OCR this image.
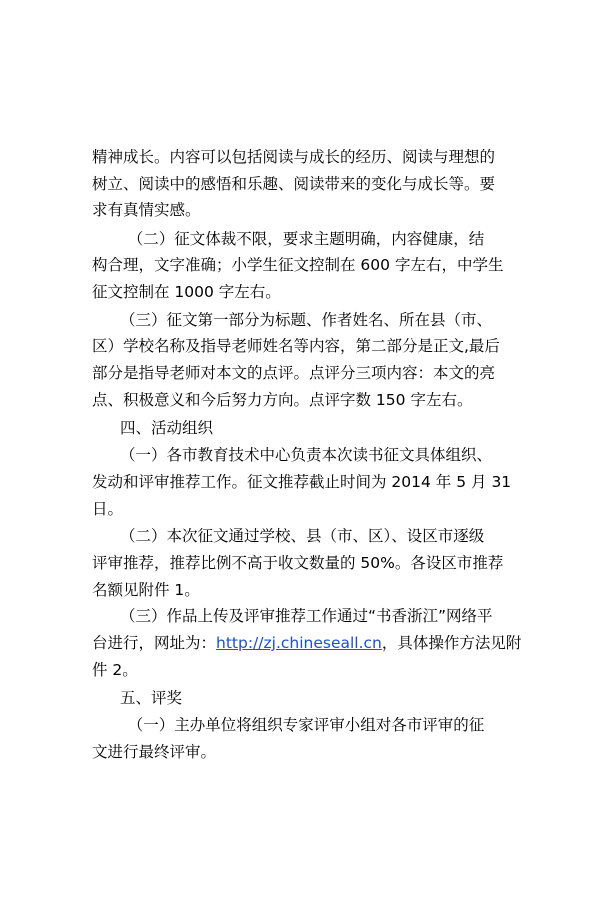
精神成长。内容可以包括阅读与成长的经历、阅读与理想的
树立、阅读中的感悟和乐趣、阅读带来的变化与成长等。要
求有真情实感。
　（二）征文体裁不限，要求主题明确，内容健康，结
构合理，文字准确；小学生征文控制在 600 字左右，中学生
征文控制在 1000 字左右。
（三）征文第一部分为标题、作者姓名、所在县（市、
区）学校名称及指导老师姓名等内容，第二部分是正文,最后
部分是指导老师对本文的点评。点评分三项内容：本文的亮
点、积极意义和今后努力方向。点评字数 150 字左右。
四、活动组织
（一）各市教育技术中心负责本次读书征文具体组织、
发动和评审推荐工作。征文推荐截止时间为 2014 年 5 月 31
日。
（二）本次征文通过学校、县（市、区）、设区市逐级
评审推荐，推荐比例不高于收文数量的 50%。各设区市推荐
名额见附件 1。
（三）作品上传及评审推荐工作通过“书香浙江”网络平
台进行，网址为：http://zj.chineseall.cn，具体操作方法见附
件 2。
五、评奖
　（一）主办单位将组织专家评审小组对各市评审的征
文进行最终评审。
